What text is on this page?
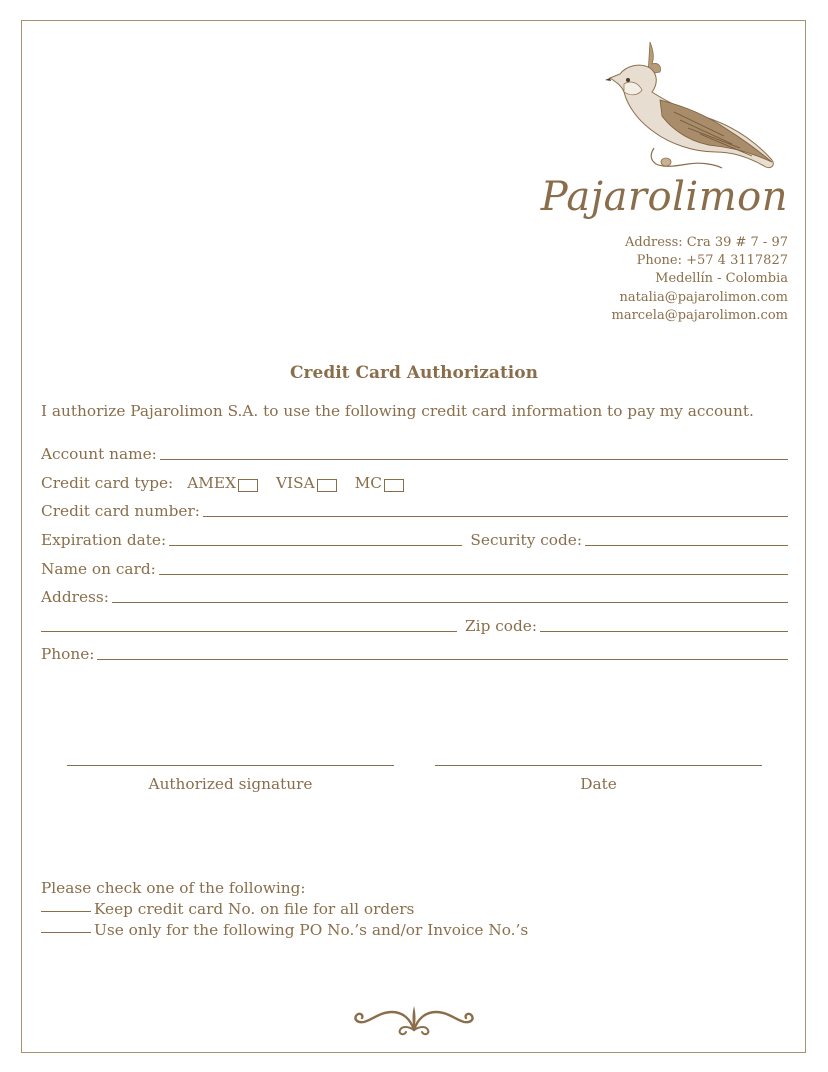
Pajarolimon
Address: Cra 39 # 7 - 97
Phone: +57 4 3117827
Medellín - Colombia
natalia@pajarolimon.com
marcela@pajarolimon.com
Credit Card Authorization
I authorize Pajarolimon S.A. to use the following credit card information to pay my account.
Account name:
Credit card type: AMEX	VISA	MC
Credit card number:
Expiration date:	Security code:
Name on card:
Address:
Zip code:
Phone:
Authorized signature	Date
Please check one of the following:
Keep credit card No. on file for all orders
Use only for the following PO No.’s and/or Invoice No.’s
